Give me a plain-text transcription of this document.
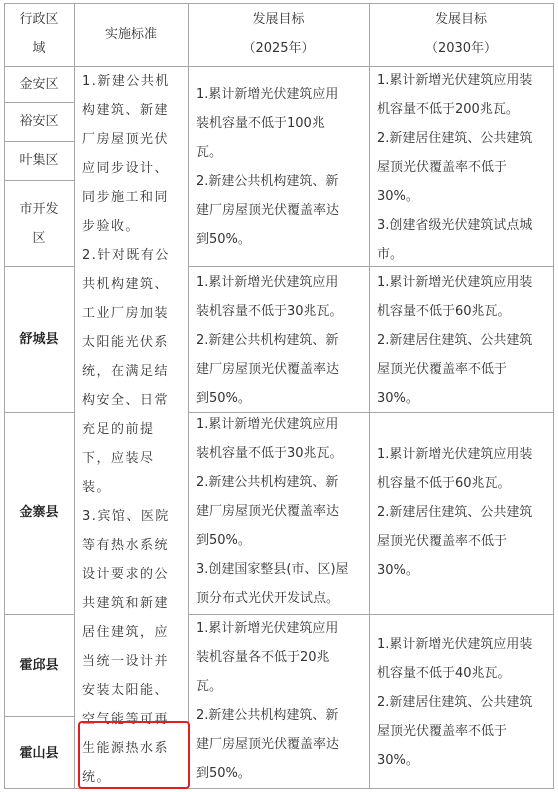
行政区
域
实施标准
发展目标
（2025年）
发展目标
（2030年）
金安区
裕安区
叶集区
市开发
区
舒城县
金寨县
霍邱县
霍山县
1.新建公共机
构建筑、新建
厂房屋顶光伏
应同步设计、
同步施工和同
步验收。
2.针对既有公
共机构建筑、
工业厂房加装
太阳能光伏系
统，在满足结
构安全、日常
充足的前提
下，应装尽
装。
3.宾馆、医院
等有热水系统
设计要求的公
共建筑和新建
居住建筑，应
当统一设计并
安装太阳能、
空气能等可再
生能源热水系
统。
1.累计新增光伏建筑应用
装机容量不低于100兆
瓦。
2.新建公共机构建筑、新
建厂房屋顶光伏覆盖率达
到50%。
1.累计新增光伏建筑应用
装机容量不低于30兆瓦。
2.新建公共机构建筑、新
建厂房屋顶光伏覆盖率达
到50%。
1.累计新增光伏建筑应用
装机容量不低于30兆瓦。
2.新建公共机构建筑、新
建厂房屋顶光伏覆盖率达
到50%。
3.创建国家整县(市、区)屋
顶分布式光伏开发试点。
1.累计新增光伏建筑应用
装机容量各不低于20兆
瓦。
2.新建公共机构建筑、新
建厂房屋顶光伏覆盖率达
到50%。
1.累计新增光伏建筑应用装
机容量不低于200兆瓦。
2.新建居住建筑、公共建筑
屋顶光伏覆盖率不低于
30%。
3.创建省级光伏建筑试点城
市。
1.累计新增光伏建筑应用装
机容量不低于60兆瓦。
2.新建居住建筑、公共建筑
屋顶光伏覆盖率不低于
30%。
1.累计新增光伏建筑应用装
机容量不低于60兆瓦。
2.新建居住建筑、公共建筑
屋顶光伏覆盖率不低于
30%。
1.累计新增光伏建筑应用装
机容量不低于40兆瓦。
2.新建居住建筑、公共建筑
屋顶光伏覆盖率不低于
30%。
